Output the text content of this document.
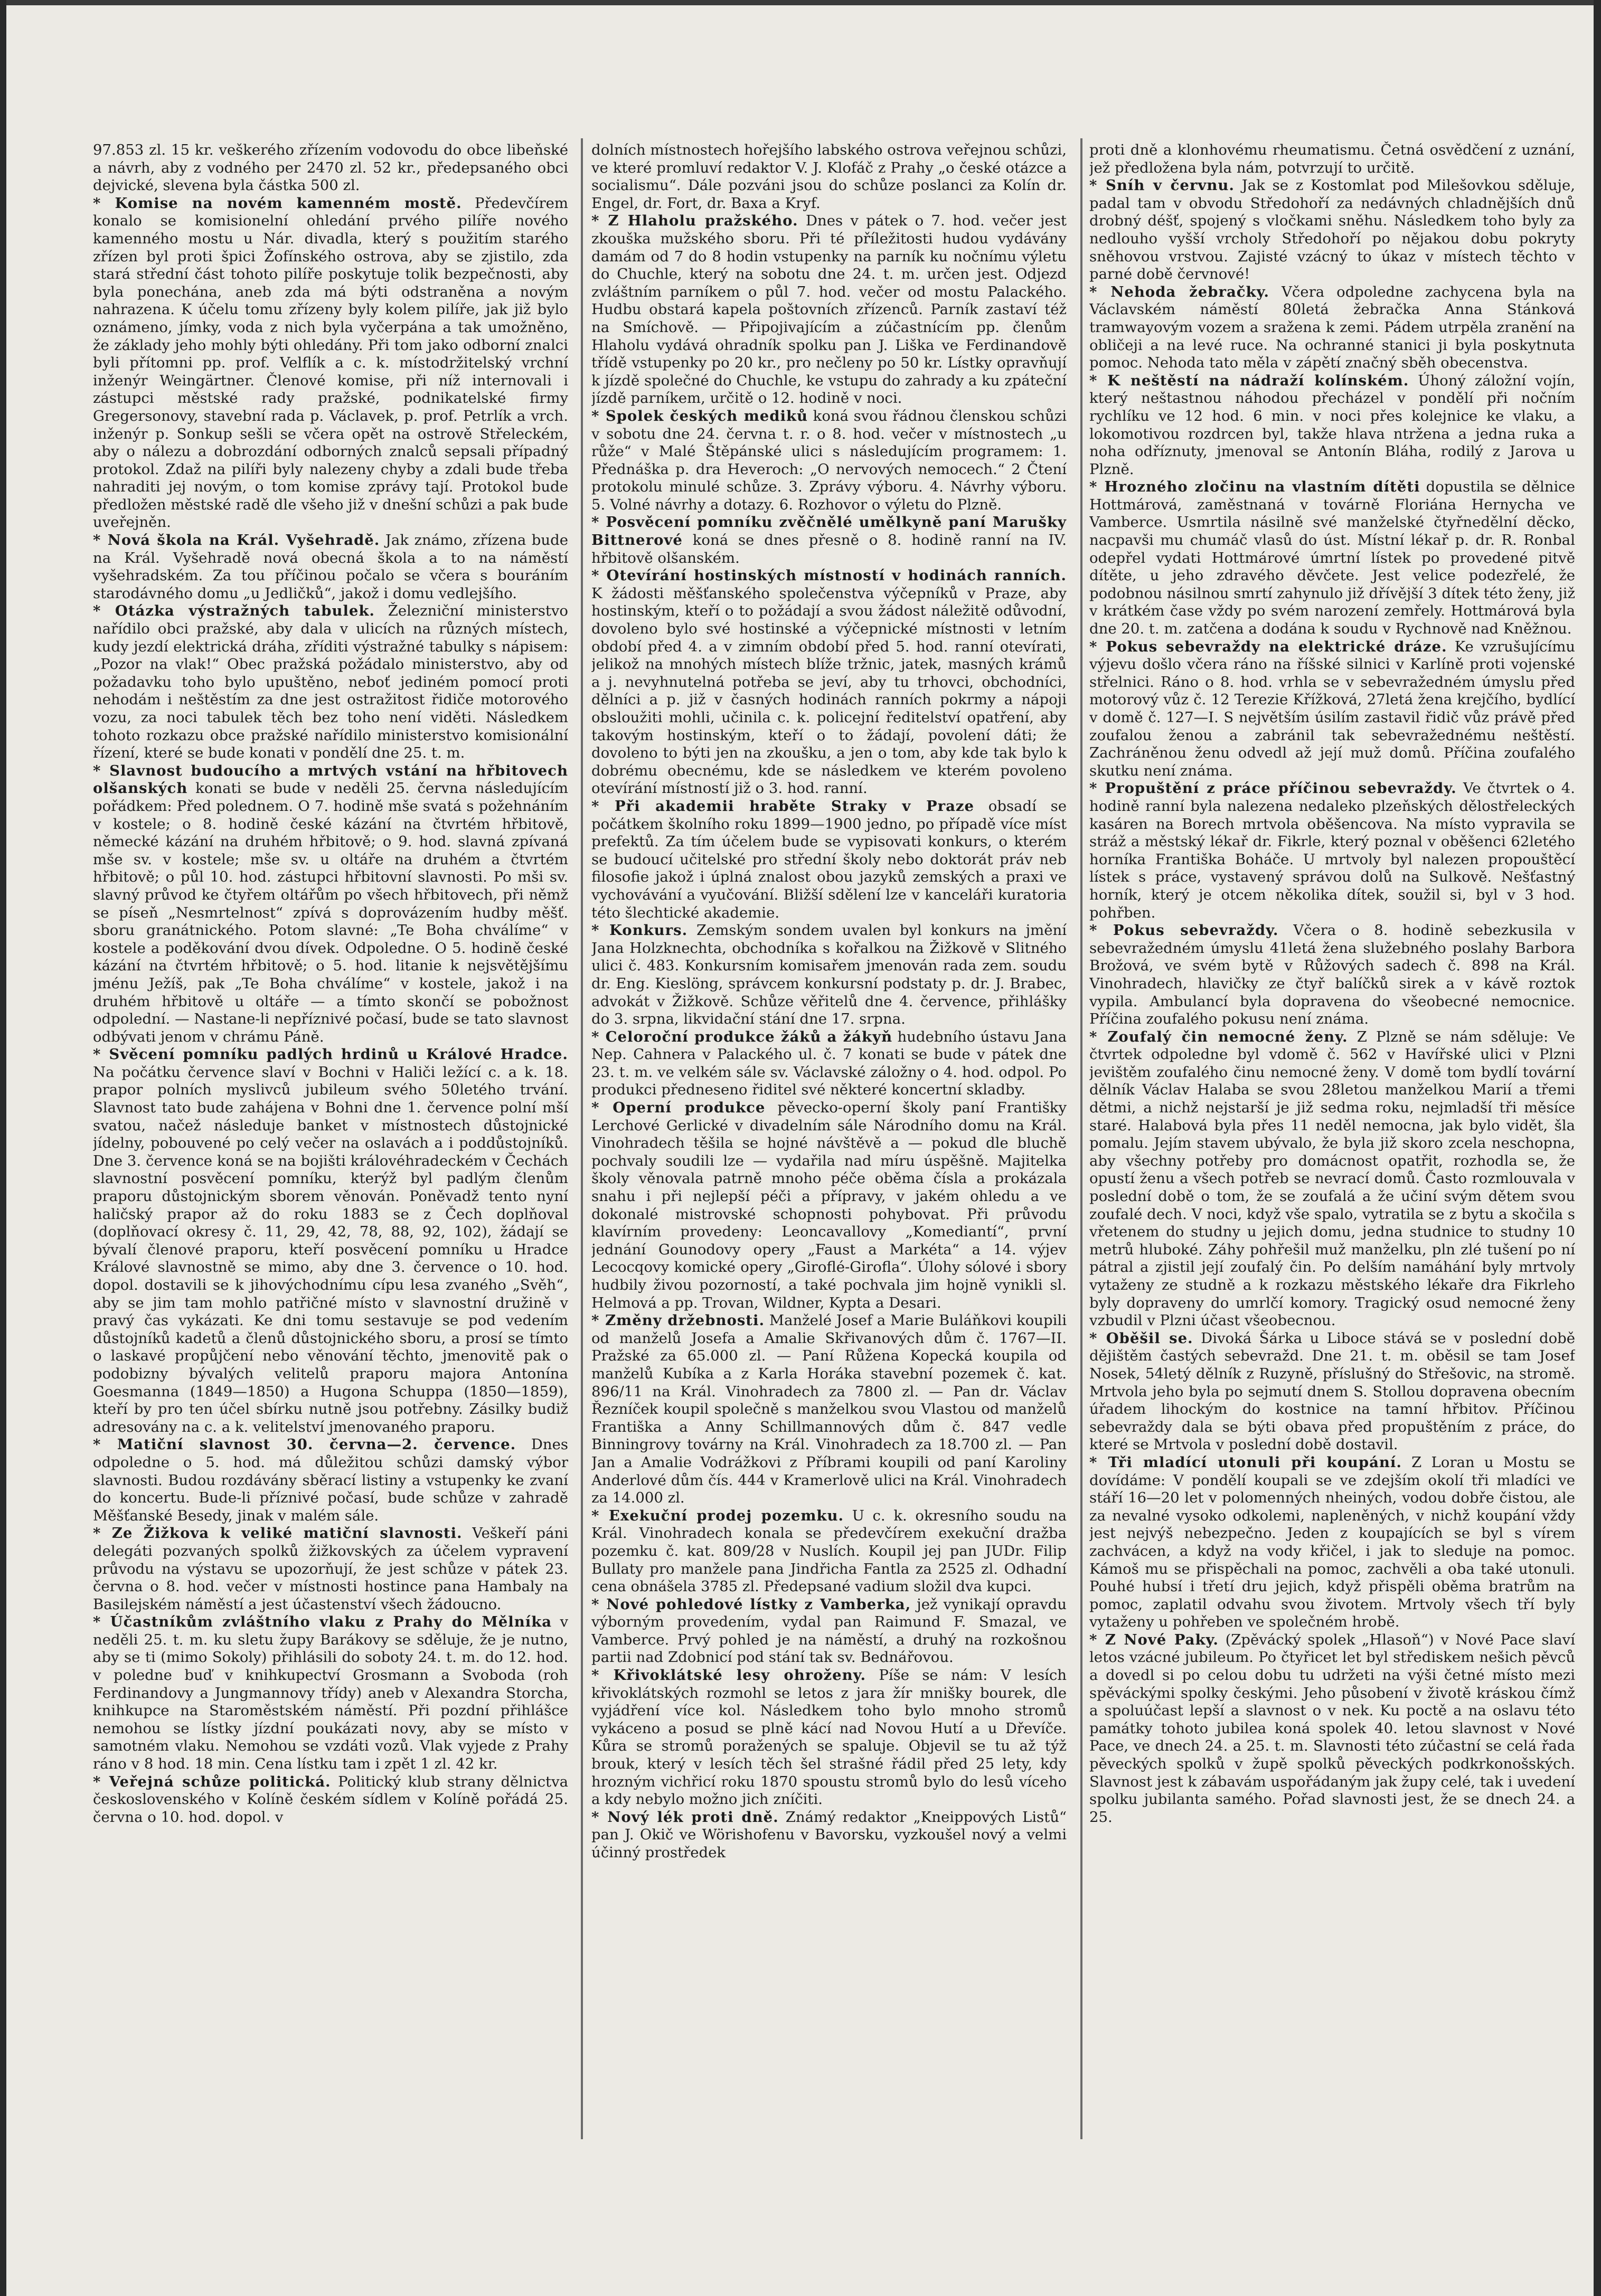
97.853 zl. 15 kr. veškerého zřízením vodovodu do obce libeňské a návrh, aby z vodného per 2470 zl. 52 kr., předepsaného obci dejvické, slevena byla částka 500 zl.

* Komise na novém kamenném mostě. Předevčírem konalo se komisionelní ohledání prvého pilíře nového kamenného mostu u Nár. divadla, který s použitím starého zřízen byl proti špici Žofínského ostrova, aby se zjistilo, zda stará střední část tohoto pilíře poskytuje tolik bezpečnosti, aby byla ponechána, aneb zda má býti odstraněna a novým nahrazena. K účelu tomu zřízeny byly kolem pilíře, jak již bylo oznámeno, jímky, voda z nich byla vyčerpána a tak umožněno, že základy jeho mohly býti ohledány. Při tom jako odborní znalci byli přítomni pp. prof. Velflík a c. k. místodržitelský vrchní inženýr Weingärtner. Členové komise, při níž internovali i zástupci městské rady pražské, podnikatelské firmy Gregersonovy, stavební rada p. Václavek, p. prof. Petrlík a vrch. inženýr p. Sonkup sešli se včera opět na ostrově Střeleckém, aby o nálezu a dobrozdání odborných znalců sepsali případný protokol. Zdaž na pilíři byly nalezeny chyby a zdali bude třeba nahraditi jej novým, o tom komise zprávy tají. Protokol bude předložen městské radě dle všeho již v dnešní schůzi a pak bude uveřejněn.

* Nová škola na Král. Vyšehradě. Jak známo, zřízena bude na Král. Vyšehradě nová obecná škola a to na náměstí vyšehradském. Za tou příčinou počalo se včera s bouráním starodávného domu „u Jedličků“, jakož i domu vedlejšího.

* Otázka výstražných tabulek. Železniční ministerstvo nařídilo obci pražské, aby dala v ulicích na různých místech, kudy jezdí elektrická dráha, zříditi výstražné tabulky s nápisem: „Pozor na vlak!“ Obec pražská požádalo ministerstvo, aby od požadavku toho bylo upuštěno, neboť jediném pomocí proti nehodám i neštěstím za dne jest ostražitost řidiče motorového vozu, za noci tabulek těch bez toho není viděti. Následkem tohoto rozkazu obce pražské nařídilo ministerstvo komisionální řízení, které se bude konati v pondělí dne 25. t. m.

* Slavnost budoucího a mrtvých vstání na hřbitovech olšanských konati se bude v neděli 25. června následujícím pořádkem: Před polednem. O 7. hodině mše svatá s požehnáním v kostele; o 8. hodině české kázání na čtvrtém hřbitově, německé kázání na druhém hřbitově; o 9. hod. slavná zpívaná mše sv. v kostele; mše sv. u oltáře na druhém a čtvrtém hřbitově; o půl 10. hod. zástupci hřbitovní slavnosti. Po mši sv. slavný průvod ke čtyřem oltářům po všech hřbitovech, při němž se píseň „Nesmrtelnost“ zpívá s doprovázením hudby měšť. sboru granátnického. Potom slavné: „Te Boha chválíme“ v kostele a poděkování dvou dívek. Odpoledne. O 5. hodině české kázání na čtvrtém hřbitově; o 5. hod. litanie k nejsvětějšímu jménu Ježíš, pak „Te Boha chválíme“ v kostele, jakož i na druhém hřbitově u oltáře — a tímto skončí se pobožnost odpolední. — Nastane-li nepříznivé počasí, bude se tato slavnost odbývati jenom v chrámu Páně.

* Svěcení pomníku padlých hrdinů u Králové Hradce. Na počátku července slaví v Bochni v Haliči ležící c. a k. 18. prapor polních myslivců jubileum svého 50letého trvání. Slavnost tato bude zahájena v Bohni dne 1. července polní mší svatou, načež následuje banket v místnostech důstojnické jídelny, pobouvené po celý večer na oslavách a i poddůstojníků. Dne 3. července koná se na bojišti královéhradeckém v Čechách slavnostní posvěcení pomníku, kterýž byl padlým členům praporu důstojnickým sborem věnován. Poněvadž tento nyní haličský prapor až do roku 1883 se z Čech doplňoval (doplňovací okresy č. 11, 29, 42, 78, 88, 92, 102), žádají se bývalí členové praporu, kteří posvěcení pomníku u Hradce Králové slavnostně se mimo, aby dne 3. července o 10. hod. dopol. dostavili se k jihovýchodnímu cípu lesa zvaného „Svěh“, aby se jim tam mohlo patřičné místo v slavnostní družině v pravý čas vykázati. Ke dni tomu sestavuje se pod vedením důstojníků kadetů a členů důstojnického sboru, a prosí se tímto o laskavé propůjčení nebo věnování těchto, jmenovitě pak o podobizny bývalých velitelů praporu majora Antonína Goesmanna (1849—1850) a Hugona Schuppa (1850—1859), kteří by pro ten účel sbírku nutně jsou potřebny. Zásilky budiž adresovány na c. a k. velitelství jmenovaného praporu.

* Matiční slavnost 30. června—2. července. Dnes odpoledne o 5. hod. má důležitou schůzi damský výbor slavnosti. Budou rozdávány sběrací listiny a vstupenky ke zvaní do koncertu. Bude-li příznivé počasí, bude schůze v zahradě Měšťanské Besedy, jinak v malém sále.

* Ze Žižkova k veliké matiční slavnosti. Veškeří páni delegáti pozvaných spolků žižkovských za účelem vypravení průvodu na výstavu se upozorňují, že jest schůze v pátek 23. června o 8. hod. večer v místnosti hostince pana Hambaly na Basilejském náměstí a jest účastenství všech žádoucno.

* Účastníkům zvláštního vlaku z Prahy do Mělníka v neděli 25. t. m. ku sletu župy Barákovy se sděluje, že je nutno, aby se ti (mimo Sokoly) přihlásili do soboty 24. t. m. do 12. hod. v poledne buď v knihkupectví Grosmann a Svoboda (roh Ferdinandovy a Jungmannovy třídy) aneb v Alexandra Storcha, knihkupce na Staroměstském náměstí. Při pozdní přihlášce nemohou se lístky jízdní poukázati novy, aby se místo v samotném vlaku. Nemohou se vzdáti vozů. Vlak vyjede z Prahy ráno v 8 hod. 18 min. Cena lístku tam i zpět 1 zl. 42 kr.

* Veřejná schůze politická. Politický klub strany dělnictva československého v Kolíně českém sídlem v Kolíně pořádá 25. června o 10. hod. dopol. v

dolních místnostech hořejšího labského ostrova veřejnou schůzi, ve které promluví redaktor V. J. Klofáč z Prahy „o české otázce a socialismu“. Dále pozváni jsou do schůze poslanci za Kolín dr. Engel, dr. Fort, dr. Baxa a Kryf.

* Z Hlaholu pražského. Dnes v pátek o 7. hod. večer jest zkouška mužského sboru. Při té příležitosti hudou vydávány damám od 7 do 8 hodin vstupenky na parník ku nočnímu výletu do Chuchle, který na sobotu dne 24. t. m. určen jest. Odjezd zvláštním parníkem o půl 7. hod. večer od mostu Palackého. Hudbu obstará kapela poštovních zřízenců. Parník zastaví též na Smíchově. — Připojivajícím a zúčastnícím pp. členům Hlaholu vydává ohradník spolku pan J. Liška ve Ferdinandově třídě vstupenky po 20 kr., pro nečleny po 50 kr. Lístky opravňují k jízdě společné do Chuchle, ke vstupu do zahrady a ku zpáteční jízdě parníkem, určitě o 12. hodině v noci.

* Spolek českých mediků koná svou řádnou členskou schůzi v sobotu dne 24. června t. r. o 8. hod. večer v místnostech „u růže“ v Malé Štěpánské ulici s následujícím programem: 1. Přednáška p. dra Heveroch: „O nervových nemocech.“ 2 Čtení protokolu minulé schůze. 3. Zprávy výboru. 4. Návrhy výboru. 5. Volné návrhy a dotazy. 6. Rozhovor o výletu do Plzně.

* Posvěcení pomníku zvěčnělé umělkyně paní Marušky Bittnerové koná se dnes přesně o 8. hodině ranní na IV. hřbitově olšanském.

* Otevírání hostinských místností v hodinách ranních. K žádosti měšťanského společenstva výčepníků v Praze, aby hostinským, kteří o to požádají a svou žádost náležitě odůvodní, dovoleno bylo své hostinské a výčepnické místnosti v letním období před 4. a v zimním období před 5. hod. ranní otevírati, jelikož na mnohých místech blíže tržnic, jatek, masných krámů a j. nevyhnutelná potřeba se jeví, aby tu trhovci, obchodníci, dělníci a p. již v časných hodinách ranních pokrmy a nápoji obsloužiti mohli, učinila c. k. policejní ředitelství opatření, aby takovým hostinským, kteří o to žádají, povolení dáti; že dovoleno to býti jen na zkoušku, a jen o tom, aby kde tak bylo k dobrému obecnému, kde se následkem ve kterém povoleno otevírání místností již o 3. hod. ranní.

* Při akademii hraběte Straky v Praze obsadí se počátkem školního roku 1899—1900 jedno, po případě více míst prefektů. Za tím účelem bude se vypisovati konkurs, o kterém se budoucí učitelské pro střední školy nebo doktorát práv neb filosofie jakož i úplná znalost obou jazyků zemských a praxi ve vychovávání a vyučování. Bližší sdělení lze v kanceláři kuratoria této šlechtické akademie.

* Konkurs. Zemským sondem uvalen byl konkurs na jmění Jana Holzknechta, obchodníka s kořalkou na Žižkově v Slitného ulici č. 483. Konkursním komisařem jmenován rada zem. soudu dr. Eng. Kieslöng, správcem konkursní podstaty p. dr. J. Brabec, advokát v Žižkově. Schůze věřitelů dne 4. července, přihlášky do 3. srpna, likvidační stání dne 17. srpna.

* Celoroční produkce žáků a žákyň hudebního ústavu Jana Nep. Cahnera v Palackého ul. č. 7 konati se bude v pátek dne 23. t. m. ve velkém sále sv. Václavské záložny o 4. hod. odpol. Po produkci předneseno řiditel své některé koncertní skladby.

* Operní produkce pěvecko-operní školy paní Františky Lerchové Gerlické v divadelním sále Národního domu na Král. Vinohradech těšila se hojné návštěvě a — pokud dle bluchě pochvaly soudili lze — vydařila nad míru úspěšně. Majitelka školy věnovala patrně mnoho péče oběma čísla a prokázala snahu i při nejlepší péči a přípravy, v jakém ohledu a ve dokonalé mistrovské schopnosti pohybovat. Při průvodu klavírním provedeny: Leoncavallovy „Komediantí“, první jednání Gounodovy opery „Faust a Markéta“ a 14. výjev Lecocqovy komické opery „Giroflé-Girofla“. Úlohy sólové i sbory hudbily živou pozorností, a také pochvala jim hojně vynikli sl. Helmová a pp. Trovan, Wildner, Kypta a Desari.

* Změny držebnosti. Manželé Josef a Marie Buláňkovi koupili od manželů Josefa a Amalie Skřivanových dům č. 1767—II. Pražské za 65.000 zl. — Paní Růžena Kopecká koupila od manželů Kubíka a z Karla Horáka stavební pozemek č. kat. 896/11 na Král. Vinohradech za 7800 zl. — Pan dr. Václav Řezníček koupil společně s manželkou svou Vlastou od manželů Františka a Anny Schillmannových dům č. 847 vedle Binningrovy továrny na Král. Vinohradech za 18.700 zl. — Pan Jan a Amalie Vodrážkovi z Příbrami koupili od paní Karoliny Anderlové dům čís. 444 v Kramerlově ulici na Král. Vinohradech za 14.000 zl.

* Exekuční prodej pozemku. U c. k. okresního soudu na Král. Vinohradech konala se předevčírem exekuční dražba pozemku č. kat. 809/28 v Nuslích. Koupil jej pan JUDr. Filip Bullaty pro manžele pana Jindřicha Fantla za 2525 zl. Odhadní cena obnášela 3785 zl. Předepsané vadium složil dva kupci.

* Nové pohledové lístky z Vamberka, jež vynikají opravdu výborným provedením, vydal pan Raimund F. Smazal, ve Vamberce. Prvý pohled je na náměstí, a druhý na rozkošnou partii nad Zdobnicí pod stání tak sv. Bednářovou.

* Křivoklátské lesy ohroženy. Píše se nám: V lesích křivoklátských rozmohl se letos z jara žír mnišky bourek, dle vyjádření více kol. Následkem toho bylo mnoho stromů vykáceno a posud se plně kácí nad Novou Hutí a u Dřevíče. Kůra se stromů poražených se spaluje. Objevil se tu až týž brouk, který v lesích těch šel strašné řádil před 25 lety, kdy hrozným vichřicí roku 1870 spoustu stromů bylo do lesů víceho a kdy nebylo možno jich zníčiti.

* Nový lék proti dně. Známý redaktor „Kneippových Listů“ pan J. Okič ve Wörishofenu v Bavorsku, vyzkoušel nový a velmi účinný prostředek

proti dně a klonhovému rheumatismu. Četná osvědčení z uznání, jež předložena byla nám, potvrzují to určitě.

* Sníh v červnu. Jak se z Kostomlat pod Milešovkou sděluje, padal tam v obvodu Středohoří za nedávných chladnějších dnů drobný déšť, spojený s vločkami sněhu. Následkem toho byly za nedlouho vyšší vrcholy Středohoří po nějakou dobu pokryty sněhovou vrstvou. Zajisté vzácný to úkaz v místech těchto v parné době červnové!

* Nehoda žebračky. Včera odpoledne zachycena byla na Václavském náměstí 80letá žebračka Anna Stánková tramwayovým vozem a sražena k zemi. Pádem utrpěla zranění na obličeji a na levé ruce. Na ochranné stanici ji byla poskytnuta pomoc. Nehoda tato měla v zápětí značný sběh obecenstva.

* K neštěstí na nádraží kolínském. Úhoný záložní vojín, který neštastnou náhodou přecházel v pondělí při nočním rychlíku ve 12 hod. 6 min. v noci přes kolejnice ke vlaku, a lokomotivou rozdrcen byl, takže hlava ntržena a jedna ruka a noha odříznuty, jmenoval se Antonín Bláha, rodilý z Jarova u Plzně.

* Hrozného zločinu na vlastním dítěti dopustila se dělnice Hottmárová, zaměstnaná v továrně Floriána Hernycha ve Vamberce. Usmrtila násilně své manželské čtyřnedělní děcko, nacpavši mu chumáč vlasů do úst. Místní lékař p. dr. R. Ronbal odepřel vydati Hottmárové úmrtní lístek po provedené pitvě dítěte, u jeho zdravého děvčete. Jest velice podezřelé, že podobnou násilnou smrtí zahynulo již dřívější 3 dítek této ženy, již v krátkém čase vždy po svém narození zemřely. Hottmárová byla dne 20. t. m. zatčena a dodána k soudu v Rychnově nad Kněžnou.

* Pokus sebevraždy na elektrické dráze. Ke vzrušujícímu výjevu došlo včera ráno na říšské silnici v Karlíně proti vojenské střelnici. Ráno o 8. hod. vrhla se v sebevražedném úmyslu před motorový vůz č. 12 Terezie Křížková, 27letá žena krejčího, bydlící v domě č. 127—I. S největším úsilím zastavil řidič vůz právě před zoufalou ženou a zabránil tak sebevražednému neštěstí. Zachráněnou ženu odvedl až její muž domů. Příčina zoufalého skutku není známa.

* Propuštění z práce příčinou sebevraždy. Ve čtvrtek o 4. hodině ranní byla nalezena nedaleko plzeňských dělostřeleckých kasáren na Borech mrtvola oběšencova. Na místo vypravila se stráž a městský lékař dr. Fikrle, který poznal v oběšenci 62letého horníka Františka Boháče. U mrtvoly byl nalezen propouštěcí lístek s práce, vystavený správou dolů na Sulkově. Nešťastný horník, který je otcem několika dítek, soužil si, byl v 3 hod. pohřben.

* Pokus sebevraždy. Včera o 8. hodině sebezkusila v sebevražedném úmyslu 41letá žena služebného poslahy Barbora Brožová, ve svém bytě v Růžových sadech č. 898 na Král. Vinohradech, hlavičky ze čtyř balíčků sirek a v kávě roztok vypila. Ambulancí byla dopravena do všeobecné nemocnice. Příčina zoufalého pokusu není známa.

* Zoufalý čin nemocné ženy. Z Plzně se nám sděluje: Ve čtvrtek odpoledne byl vdomě č. 562 v Havířské ulici v Plzni jevištěm zoufalého činu nemocné ženy. V domě tom bydlí tovární dělník Václav Halaba se svou 28letou manželkou Marií a třemi dětmi, a nichž nejstarší je již sedma roku, nejmladší tři měsíce staré. Halabová byla přes 11 neděl nemocna, jak bylo vidět, šla pomalu. Jejím stavem ubývalo, že byla již skoro zcela neschopna, aby všechny potřeby pro domácnost opatřit, rozhodla se, že opustí ženu a všech potřeb se nevrací domů. Často rozmlouvala v poslední době o tom, že se zoufalá a že učiní svým dětem svou zoufalé dech. V noci, když vše spalo, vytratila se z bytu a skočila s vřetenem do studny u jejich domu, jedna studnice to studny 10 metrů hluboké. Záhy pohřešil muž manželku, pln zlé tušení po ní pátral a zjistil její zoufalý čin. Po delším namáhání byly mrtvoly vytaženy ze studně a k rozkazu městského lékaře dra Fikrleho byly dopraveny do umrlčí komory. Tragický osud nemocné ženy vzbudil v Plzni účast všeobecnou.

* Oběšil se. Divoká Šárka u Liboce stává se v poslední době dějištěm častých sebevražd. Dne 21. t. m. oběsil se tam Josef Nosek, 54letý dělník z Ruzyně, příslušný do Střešovic, na stromě. Mrtvola jeho byla po sejmutí dnem S. Stollou dopravena obecním úřadem lihockým do kostnice na tamní hřbitov. Příčinou sebevraždy dala se býti obava před propuštěním z práce, do které se Mrtvola v poslední době dostavil.

* Tři mladící utonuli při koupání. Z Loran u Mostu se dovídáme: V pondělí koupali se ve zdejším okolí tři mladíci ve stáří 16—20 let v polomenných nheiných, vodou dobře čistou, ale za nevalné vysoko odkolemi, napleněných, v nichž koupání vždy jest nejvýš nebezpečno. Jeden z koupajících se byl s vírem zachvácen, a když na vody křičel, i jak to sleduje na pomoc. Kámoš mu se přispěchali na pomoc, zachvěli a oba také utonuli. Pouhé hubsí i třetí dru jejich, když přispěli oběma bratrům na pomoc, zaplatil odvahu svou životem. Mrtvoly všech tří byly vytaženy u pohřeben ve společném hrobě.

* Z Nové Paky. (Zpěvácký spolek „Hlasoň“) v Nové Pace slaví letos vzácné jubileum. Po čtyřicet let byl střediskem nešich pěvců a dovedl si po celou dobu tu udržeti na výši četné místo mezi spěváckými spolky českými. Jeho působení v životě kráskou čímž a spoluúčast lepší a slavnost o v nek. Ku poctě a na oslavu této památky tohoto jubilea koná spolek 40. letou slavnost v Nové Pace, ve dnech 24. a 25. t. m. Slavnosti této zúčastní se celá řada pěveckých spolků v župě spolků pěveckých podkrkonošských. Slavnost jest k zábavám uspořádaným jak župy celé, tak i uvedení spolku jubilanta samého. Pořad slavnosti jest, že se dnech 24. a 25.
